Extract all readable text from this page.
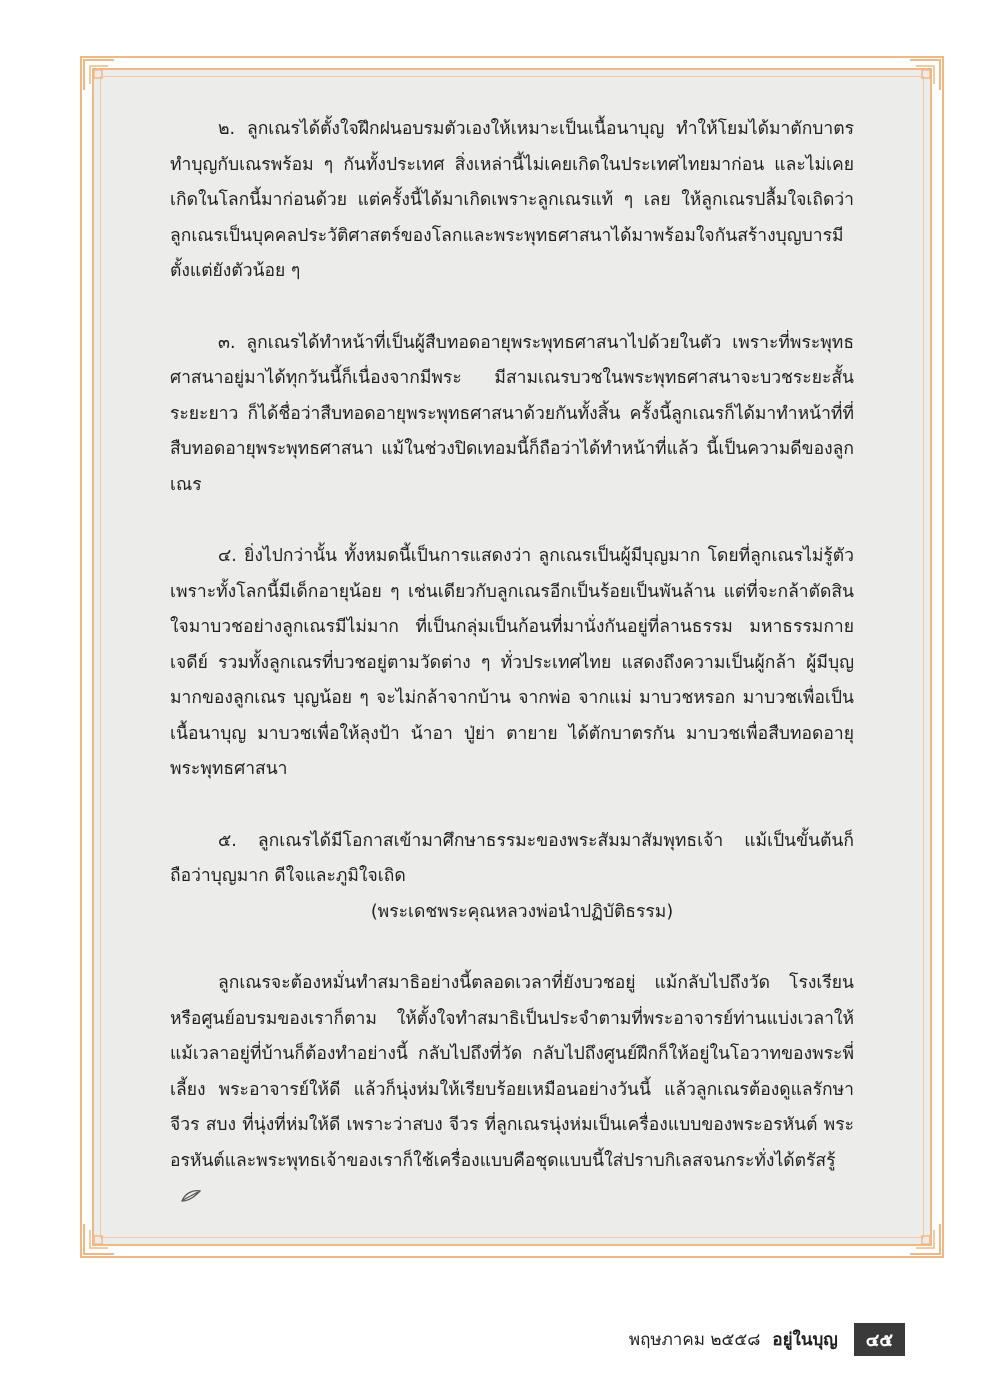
๒. ลูกเณรได้ตั้งใจฝึกฝนอบรมตัวเองให้เหมาะเป็นเนื้อนาบุญ ทำให้โยมได้มาตักบาตร ทำบุญกับเณรพร้อม ๆ กันทั้งประเทศ สิ่งเหล่านี้ไม่เคยเกิดในประเทศไทยมาก่อน และไม่เคยเกิดในโลกนี้มาก่อนด้วย แต่ครั้งนี้ได้มาเกิดเพราะลูกเณรแท้ ๆ เลย ให้ลูกเณรปลื้มใจเถิดว่า ลูกเณรเป็นบุคคลประวัติศาสตร์ของโลกและพระพุทธศาสนาได้มาพร้อมใจกันสร้างบุญบารมีตั้งแต่ยังตัวน้อย ๆ

๓. ลูกเณรได้ทำหน้าที่เป็นผู้สืบทอดอายุพระพุทธศาสนาไปด้วยในตัว เพราะที่พระพุทธศาสนาอยู่มาได้ทุกวันนี้ก็เนื่องจากมีพระ มีสามเณรบวชในพระพุทธศาสนาจะบวชระยะสั้น ระยะยาว ก็ได้ชื่อว่าสืบทอดอายุพระพุทธศาสนาด้วยกันทั้งสิ้น ครั้งนี้ลูกเณรก็ได้มาทำหน้าที่ที่สืบทอดอายุพระพุทธศาสนา แม้ในช่วงปิดเทอมนี้ก็ถือว่าได้ทำหน้าที่แล้ว นี้เป็นความดีของลูกเณร

๔. ยิ่งไปกว่านั้น ทั้งหมดนี้เป็นการแสดงว่า ลูกเณรเป็นผู้มีบุญมาก โดยที่ลูกเณรไม่รู้ตัว เพราะทั้งโลกนี้มีเด็กอายุน้อย ๆ เช่นเดียวกับลูกเณรอีกเป็นร้อยเป็นพันล้าน แต่ที่จะกล้าตัดสินใจมาบวชอย่างลูกเณรมีไม่มาก ที่เป็นกลุ่มเป็นก้อนที่มานั่งกันอยู่ที่ลานธรรม มหาธรรมกายเจดีย์ รวมทั้งลูกเณรที่บวชอยู่ตามวัดต่าง ๆ ทั่วประเทศไทย แสดงถึงความเป็นผู้กล้า ผู้มีบุญมากของลูกเณร บุญน้อย ๆ จะไม่กล้าจากบ้าน จากพ่อ จากแม่ มาบวชหรอก มาบวชเพื่อเป็นเนื้อนาบุญ มาบวชเพื่อให้ลุงป้า น้าอา ปู่ย่า ตายาย ได้ตักบาตรกัน มาบวชเพื่อสืบทอดอายุพระพุทธศาสนา

๕. ลูกเณรได้มีโอกาสเข้ามาศึกษาธรรมะของพระสัมมาสัมพุทธเจ้า แม้เป็นขั้นต้นก็ถือว่าบุญมาก ดีใจและภูมิใจเถิด

(พระเดชพระคุณหลวงพ่อนำปฏิบัติธรรม)

ลูกเณรจะต้องหมั่นทำสมาธิอย่างนี้ตลอดเวลาที่ยังบวชอยู่ แม้กลับไปถึงวัด โรงเรียน หรือศูนย์อบรมของเราก็ตาม ให้ตั้งใจทำสมาธิเป็นประจำตามที่พระอาจารย์ท่านแบ่งเวลาให้ แม้เวลาอยู่ที่บ้านก็ต้องทำอย่างนี้ กลับไปถึงที่วัด กลับไปถึงศูนย์ฝึกก็ให้อยู่ในโอวาทของพระพี่เลี้ยง พระอาจารย์ให้ดี แล้วก็นุ่งห่มให้เรียบร้อยเหมือนอย่างวันนี้ แล้วลูกเณรต้องดูแลรักษาจีวร สบง ที่นุ่งที่ห่มให้ดี เพราะว่าสบง จีวร ที่ลูกเณรนุ่งห่มเป็นเครื่องแบบของพระอรหันต์ พระอรหันต์และพระพุทธเจ้าของเราก็ใช้เครื่องแบบคือชุดแบบนี้ใส่ปราบกิเลสจนกระทั่งได้ตรัสรู้

พฤษภาคม ๒๕๕๘ อยู่ในบุญ	๔๕
